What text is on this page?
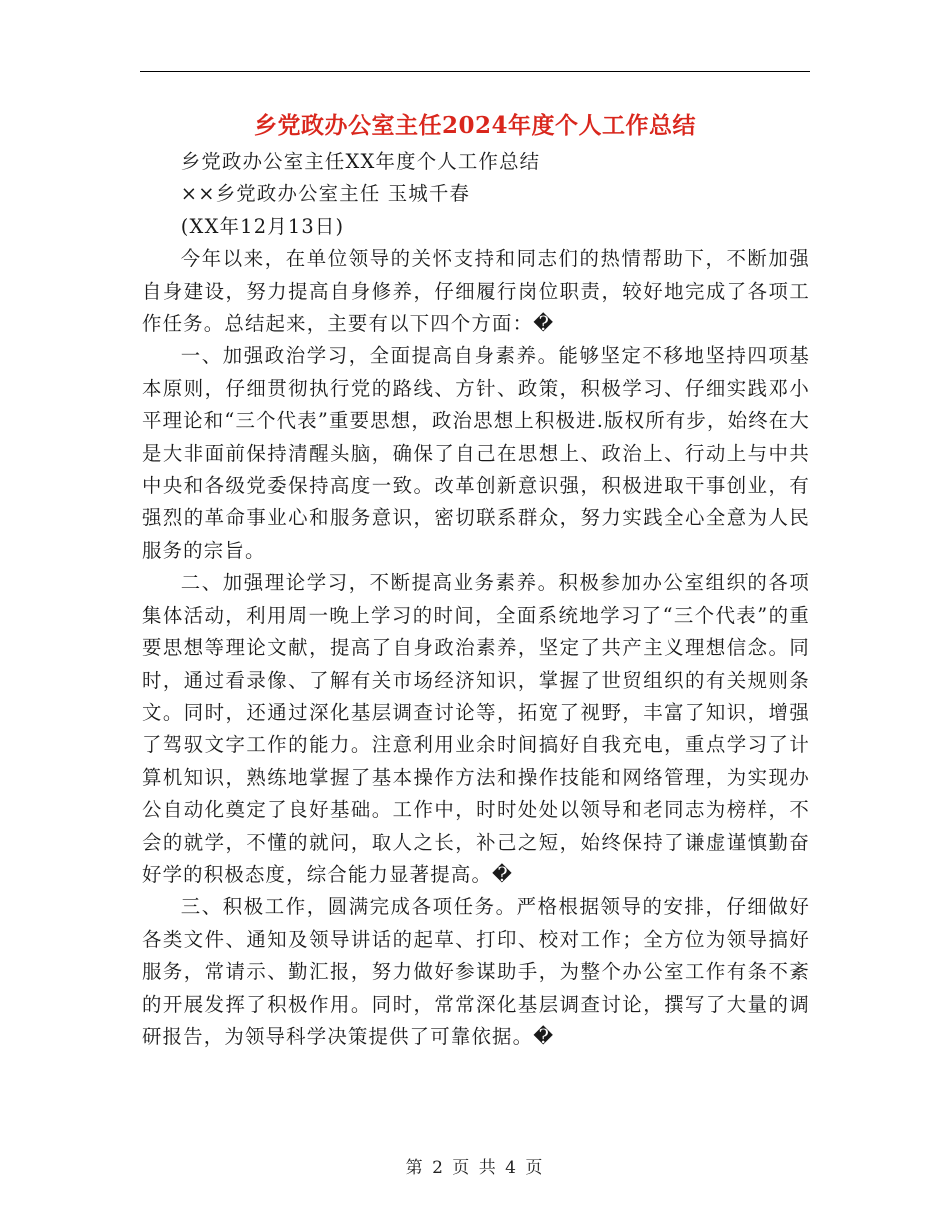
乡党政办公室主任2024年度个人工作总结

乡党政办公室主任XX年度个人工作总结

××乡党政办公室主任 玉城千春

(XX年12月13日)

今年以来，在单位领导的关怀支持和同志们的热情帮助下，不断加强自身建设，努力提高自身修养，仔细履行岗位职责，较好地完成了各项工作任务。总结起来，主要有以下四个方面：�

一、加强政治学习，全面提高自身素养。能够坚定不移地坚持四项基本原则，仔细贯彻执行党的路线、方针、政策，积极学习、仔细实践邓小平理论和“三个代表”重要思想，政治思想上积极进.版权所有步，始终在大是大非面前保持清醒头脑，确保了自己在思想上、政治上、行动上与中共中央和各级党委保持高度一致。改革创新意识强，积极进取干事创业，有强烈的革命事业心和服务意识，密切联系群众，努力实践全心全意为人民服务的宗旨。

二、加强理论学习，不断提高业务素养。积极参加办公室组织的各项集体活动，利用周一晚上学习的时间，全面系统地学习了“三个代表”的重要思想等理论文献，提高了自身政治素养，坚定了共产主义理想信念。同时，通过看录像、了解有关市场经济知识，掌握了世贸组织的有关规则条文。同时，还通过深化基层调查讨论等，拓宽了视野，丰富了知识，增强了驾驭文字工作的能力。注意利用业余时间搞好自我充电，重点学习了计算机知识，熟练地掌握了基本操作方法和操作技能和网络管理，为实现办公自动化奠定了良好基础。工作中，时时处处以领导和老同志为榜样，不会的就学，不懂的就问，取人之长，补己之短，始终保持了谦虚谨慎勤奋好学的积极态度，综合能力显著提高。�

三、积极工作，圆满完成各项任务。严格根据领导的安排，仔细做好各类文件、通知及领导讲话的起草、打印、校对工作；全方位为领导搞好服务，常请示、勤汇报，努力做好参谋助手，为整个办公室工作有条不紊的开展发挥了积极作用。同时，常常深化基层调查讨论，撰写了大量的调研报告，为领导科学决策提供了可靠依据。�

第 2 页 共 4 页
